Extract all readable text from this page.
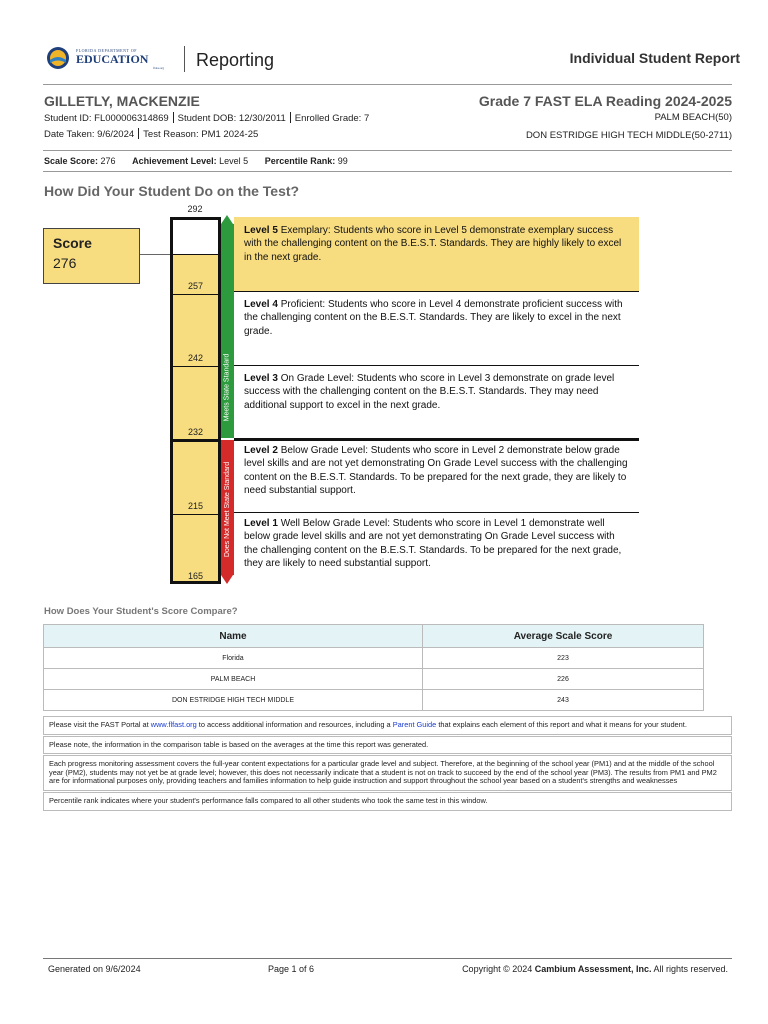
FLORIDA DEPARTMENT OF
EDUCATION
fldoe.org Reporting	Individual Student Report
GILLETLY, MACKENZIE	Grade 7 FAST ELA Reading 2024-2025
Student ID: FL000006314869 Student DOB: 12/30/2011 Enrolled Grade: 7	PALM BEACH(50)
Date Taken: 9/6/2024 Test Reason: PM1 2024-25	DON ESTRIDGE HIGH TECH MIDDLE(50-2711)
Scale Score: 276 Achievement Level: Level 5 Percentile Rank: 99
How Did Your Student Do on the Test?
Score
276
292
257
242
232
215
165
Meets State Standard
Does Not Meet State Standard
Level 5 Exemplary: Students who score in Level 5 demonstrate exemplary success with the challenging content on the B.E.S.T. Standards. They are highly likely to excel in the next grade.
Level 4 Proficient: Students who score in Level 4 demonstrate proficient success with the challenging content on the B.E.S.T. Standards. They are likely to excel in the next grade.
Level 3 On Grade Level: Students who score in Level 3 demonstrate on grade level success with the challenging content on the B.E.S.T. Standards. They may need additional support to excel in the next grade.
Level 2 Below Grade Level: Students who score in Level 2 demonstrate below grade level skills and are not yet demonstrating On Grade Level success with the challenging content on the B.E.S.T. Standards. To be prepared for the next grade, they are likely to need substantial support.
Level 1 Well Below Grade Level: Students who score in Level 1 demonstrate well below grade level skills and are not yet demonstrating On Grade Level success with the challenging content on the B.E.S.T. Standards. To be prepared for the next grade, they are likely to need substantial support.
How Does Your Student's Score Compare?
Name	Average Scale Score
Florida	223
PALM BEACH	226
DON ESTRIDGE HIGH TECH MIDDLE	243
Please visit the FAST Portal at www.flfast.org to access additional information and resources, including a Parent Guide that explains each element of this report and what it means for your student.
Please note, the information in the comparison table is based on the averages at the time this report was generated.
Each progress monitoring assessment covers the full-year content expectations for a particular grade level and subject. Therefore, at the beginning of the school year (PM1) and at the middle of the school year (PM2), students may not yet be at grade level; however, this does not necessarily indicate that a student is not on track to succeed by the end of the school year (PM3). The results from PM1 and PM2 are for informational purposes only, providing teachers and families information to help guide instruction and support throughout the school year based on a student's strengths and weaknesses
Percentile rank indicates where your student's performance falls compared to all other students who took the same test in this window.
Generated on 9/6/2024	Page 1 of 6	Copyright © 2024 Cambium Assessment, Inc. All rights reserved.
